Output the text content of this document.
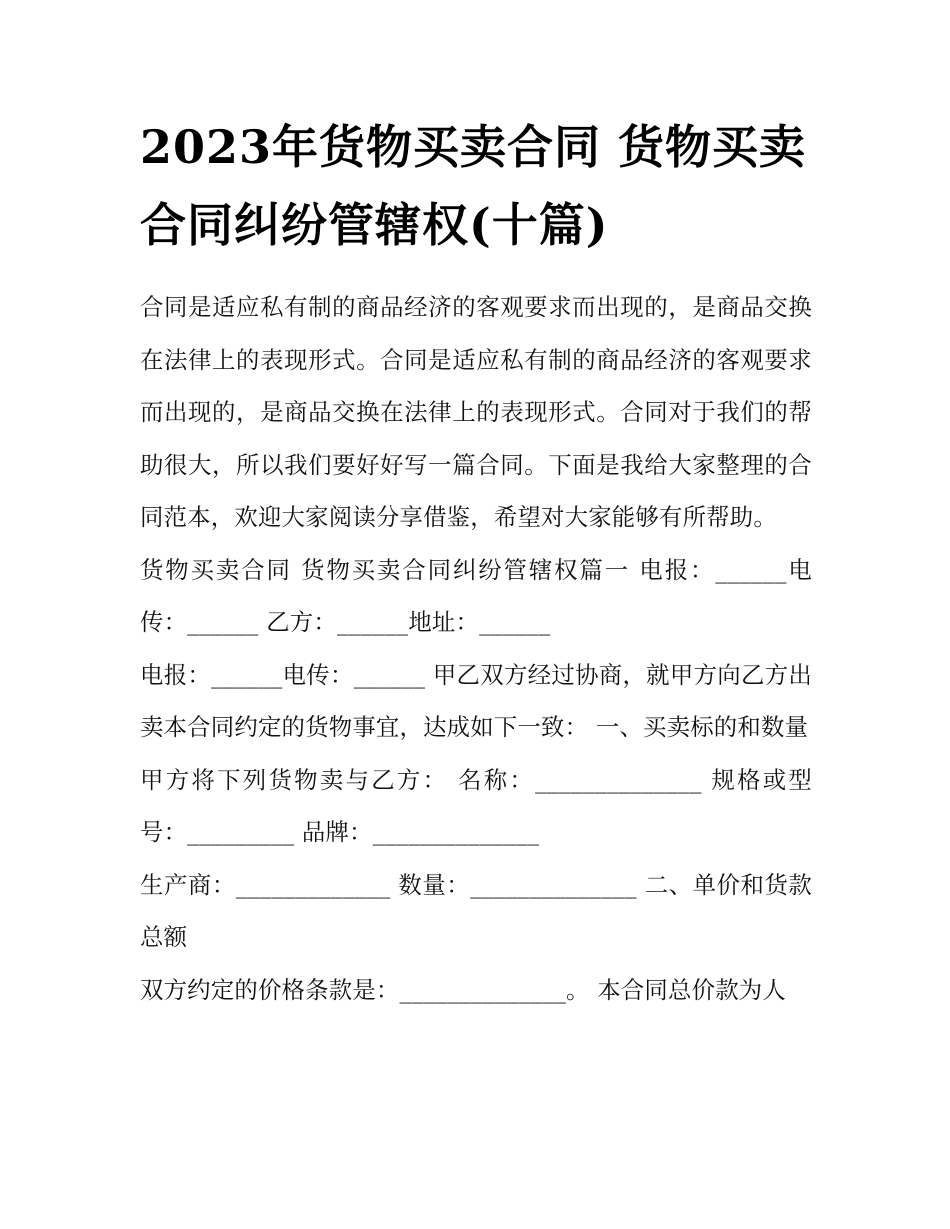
2023年货物买卖合同 货物买卖合同纠纷管辖权(十篇)

合同是适应私有制的商品经济的客观要求而出现的，是商品交换在法律上的表现形式。合同是适应私有制的商品经济的客观要求而出现的，是商品交换在法律上的表现形式。合同对于我们的帮助很大，所以我们要好好写一篇合同。下面是我给大家整理的合同范本，欢迎大家阅读分享借鉴，希望对大家能够有所帮助。

货物买卖合同 货物买卖合同纠纷管辖权篇一 电报：______电传：______ 乙方：______地址：______

电报：______电传：______ 甲乙双方经过协商，就甲方向乙方出卖本合同约定的货物事宜，达成如下一致： 一、买卖标的和数量

甲方将下列货物卖与乙方： 名称：______________ 规格或型号：_________ 品牌：______________

生产商：_____________ 数量：______________ 二、单价和货款总额

双方约定的价格条款是：______________。 本合同总价款为人
